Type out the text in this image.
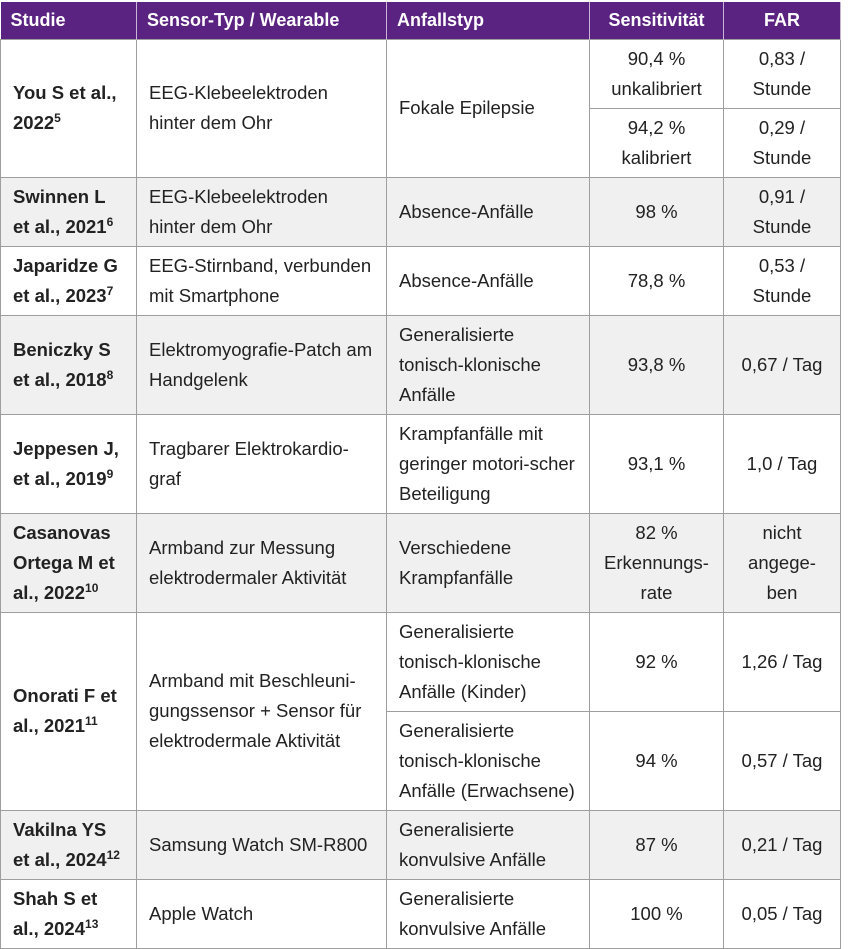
Studie	Sensor-Typ / Wearable	Anfallstyp	Sensitivität	FAR
You S et al., 2022$^5$	EEG-Klebeelektroden hinter dem Ohr	Fokale Epilepsie	90,4 % unkalibriert	0,83 / Stunde
			94,2 % kalibriert	0,29 / Stunde
Swinnen L et al., 2021$^6$	EEG-Klebeelektroden hinter dem Ohr	Absence-Anfälle	98 %	0,91 / Stunde
Japaridze G et al., 2023$^7$	EEG-Stirnband, verbunden mit Smartphone	Absence-Anfälle	78,8 %	0,53 / Stunde
Beniczky S et al., 2018$^8$	Elektromyografie-Patch am Handgelenk	Generalisierte tonisch-klonische Anfälle	93,8 %	0,67 / Tag
Jeppesen J, et al., 2019$^9$	Tragbarer Elektrokardio-graf	Krampfanfälle mit geringer motori-scher Beteiligung	93,1 %	1,0 / Tag
Casanovas Ortega M et al., 2022$^{10}$	Armband zur Messung elektrodermaler Aktivität	Verschiedene Krampfanfälle	82 % Erkennungs-rate	nicht angege-ben
Onorati F et al., 2021$^{11}$	Armband mit Beschleuni-gungssensor + Sensor für elektrodermale Aktivität	Generalisierte tonisch-klonische Anfälle (Kinder)	92 %	1,26 / Tag
		Generalisierte tonisch-klonische Anfälle (Erwachsene)	94 %	0,57 / Tag
Vakilna YS et al., 2024$^{12}$	Samsung Watch SM-R800	Generalisierte konvulsive Anfälle	87 %	0,21 / Tag
Shah S et al., 2024$^{13}$	Apple Watch	Generalisierte konvulsive Anfälle	100 %	0,05 / Tag
